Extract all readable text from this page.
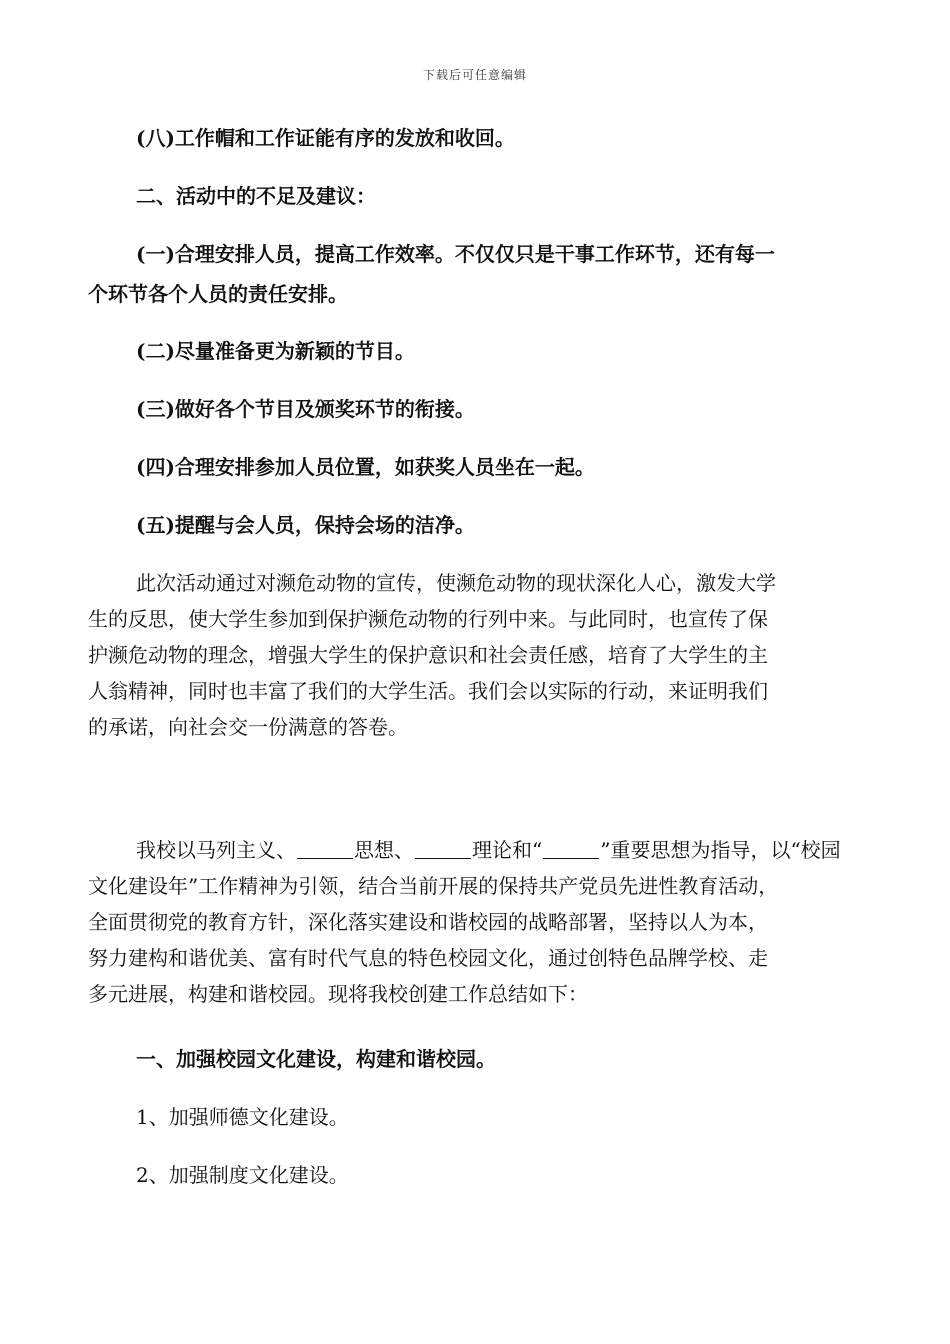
下载后可任意编辑
(八)工作帽和工作证能有序的发放和收回。
二、活动中的不足及建议：
(一)合理安排人员，提高工作效率。不仅仅只是干事工作环节，还有每一
个环节各个人员的责任安排。
(二)尽量准备更为新颖的节目。
(三)做好各个节目及颁奖环节的衔接。
(四)合理安排参加人员位置，如获奖人员坐在一起。
(五)提醒与会人员，保持会场的洁净。
此次活动通过对濒危动物的宣传，使濒危动物的现状深化人心，激发大学
生的反思，使大学生参加到保护濒危动物的行列中来。与此同时，也宣传了保
护濒危动物的理念，增强大学生的保护意识和社会责任感，培育了大学生的主
人翁精神，同时也丰富了我们的大学生活。我们会以实际的行动，来证明我们
的承诺，向社会交一份满意的答卷。
我校以马列主义、	思想、	理论和“	”重要思想为指导，以“校园
文化建设年”工作精神为引领，结合当前开展的保持共产党员先进性教育活动，
全面贯彻党的教育方针，深化落实建设和谐校园的战略部署，坚持以人为本，
努力建构和谐优美、富有时代气息的特色校园文化，通过创特色品牌学校、走
多元进展，构建和谐校园。现将我校创建工作总结如下：
一、加强校园文化建设，构建和谐校园。
1、加强师德文化建设。
2、加强制度文化建设。
